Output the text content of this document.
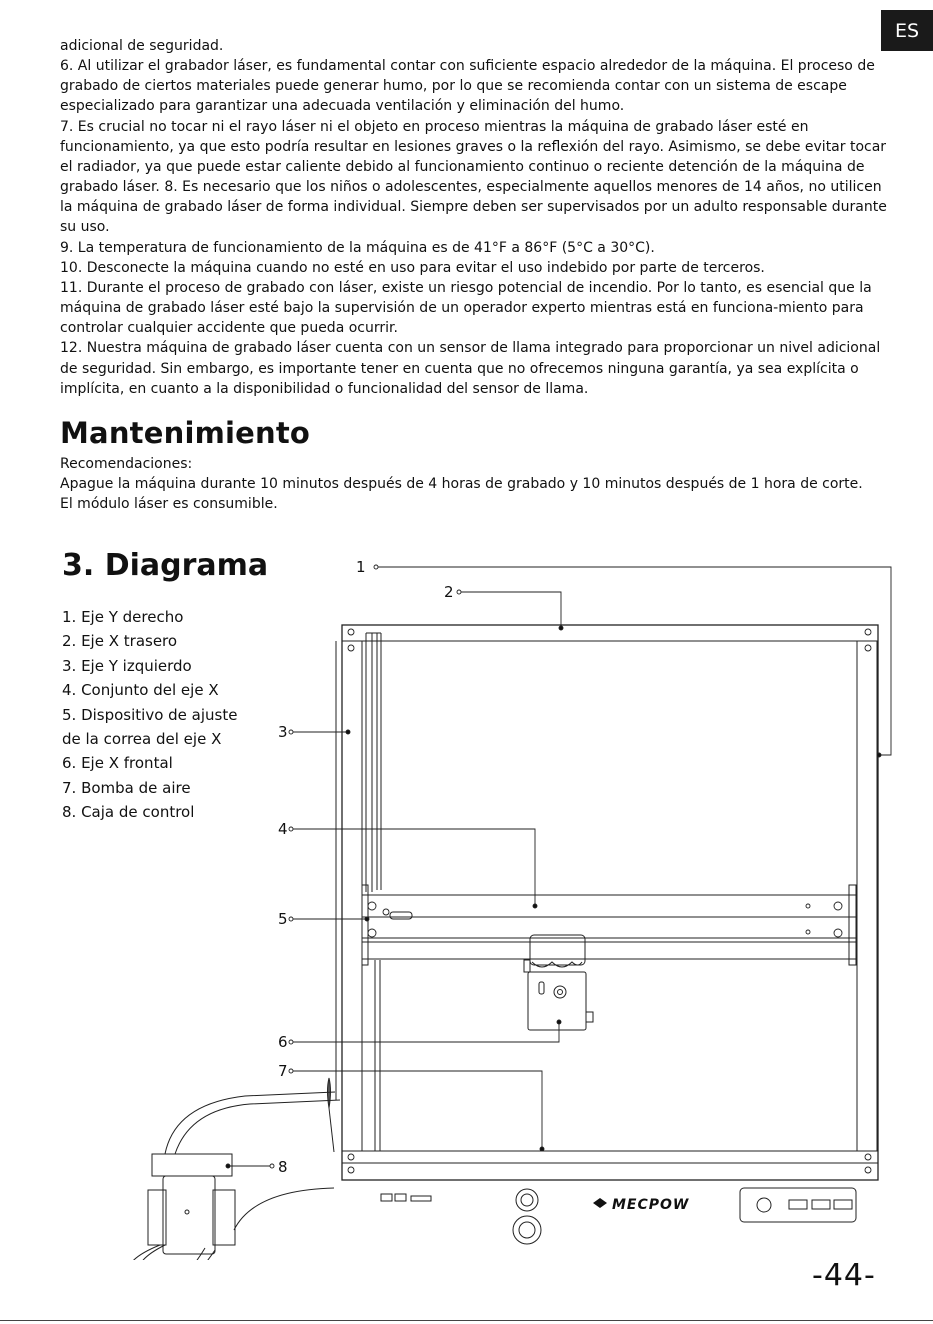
ES

adicional de seguridad.

6. Al utilizar el grabador láser, es fundamental contar con suficiente espacio alrededor de la máquina. El proceso de grabado de ciertos materiales puede generar humo, por lo que se recomienda contar con un sistema de escape especializado para garantizar una adecuada ventilación y eliminación del humo.

7. Es crucial no tocar ni el rayo láser ni el objeto en proceso mientras la máquina de grabado láser esté en funcionamiento, ya que esto podría resultar en lesiones graves o la reflexión del rayo. Asimismo, se debe evitar tocar el radiador, ya que puede estar caliente debido al funcionamiento continuo o reciente detención de la máquina de grabado láser. 8. Es necesario que los niños o adolescentes, especialmente aquellos menores de 14 años, no utilicen la máquina de grabado láser de forma individual. Siempre deben ser supervisados por un adulto responsable durante su uso.

9. La temperatura de funcionamiento de la máquina es de 41°F a 86°F (5°C a 30°C).

10. Desconecte la máquina cuando no esté en uso para evitar el uso indebido por parte de terceros.

11. Durante el proceso de grabado con láser, existe un riesgo potencial de incendio. Por lo tanto, es esencial que la máquina de grabado láser esté bajo la supervisión de un operador experto mientras está en funciona-miento para controlar cualquier accidente que pueda ocurrir.

12. Nuestra máquina de grabado láser cuenta con un sensor de llama integrado para proporcionar un nivel adicional de seguridad. Sin embargo, es importante tener en cuenta que no ofrecemos ninguna garantía, ya sea explícita o implícita, en cuanto a la disponibilidad o funcionalidad del sensor de llama.

Mantenimiento

Recomendaciones:

Apague la máquina durante 10 minutos después de 4 horas de grabado y 10 minutos después de 1 hora de corte.

El módulo láser es consumible.

3. Diagrama
1. Eje Y derecho
2. Eje X trasero
3. Eje Y izquierdo
4. Conjunto del eje X
5. Dispositivo de ajuste de la correa del eje X
6. Eje X frontal
7. Bomba de aire
8. Caja de control
MECPOW
1
2
3
4
5
6
7
8
-44-
